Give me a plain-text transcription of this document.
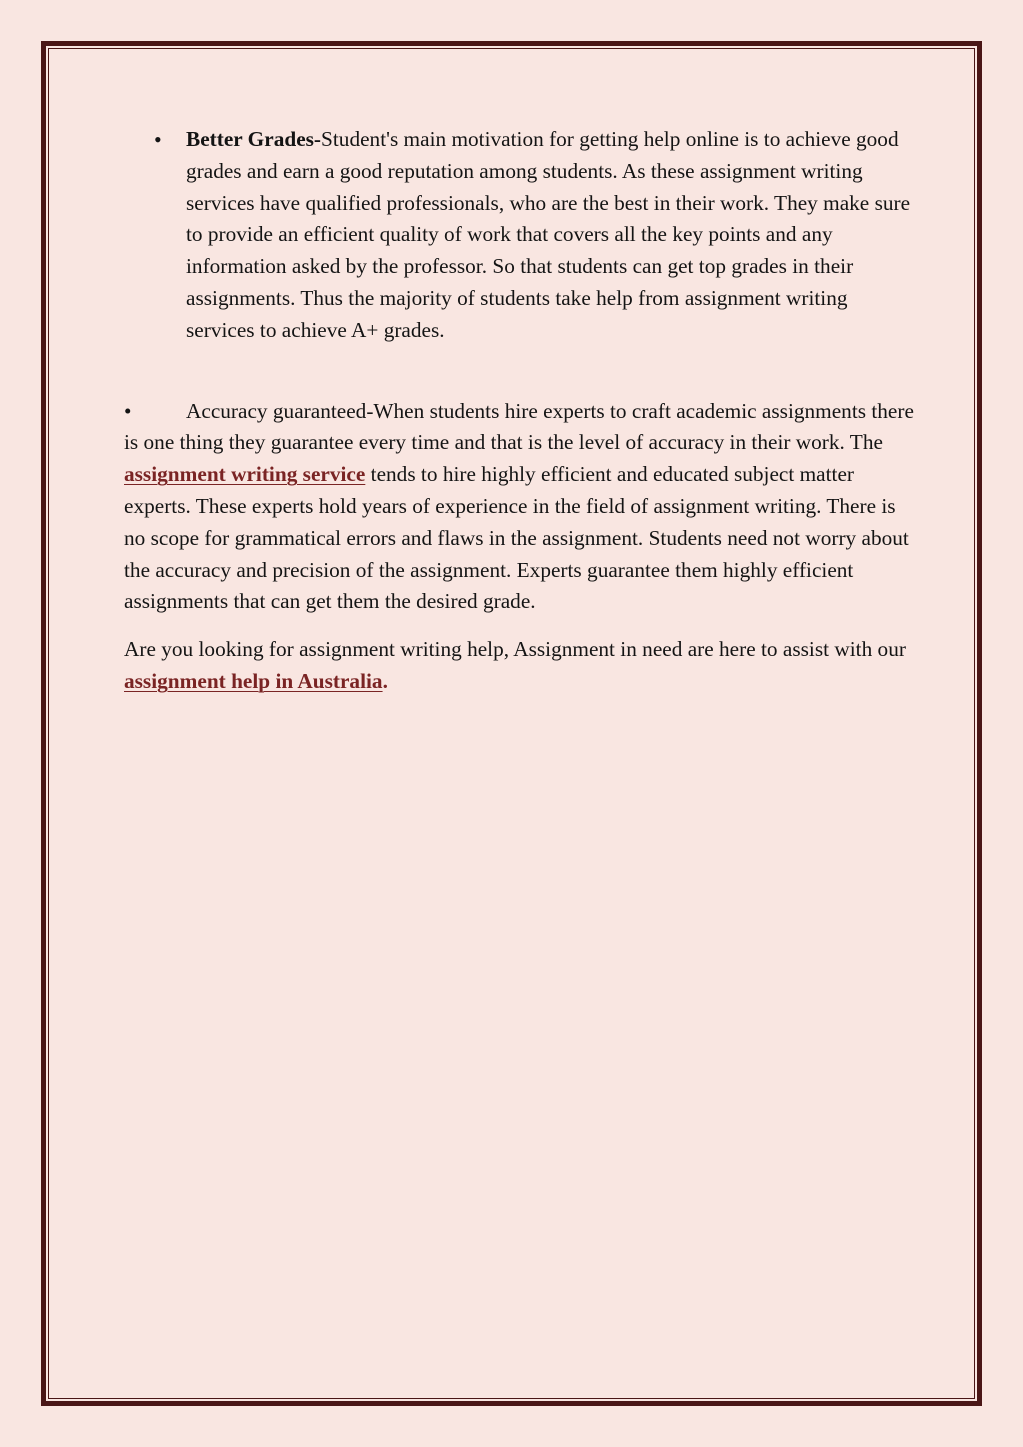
• Better Grades-Student's main motivation for getting help online is to achieve good grades and earn a good reputation among students. As these assignment writing services have qualified professionals, who are the best in their work. They make sure to provide an efficient quality of work that covers all the key points and any information asked by the professor. So that students can get top grades in their assignments. Thus the majority of students take help from assignment writing services to achieve A+ grades.
•	Accuracy guaranteed-When students hire experts to craft academic assignments there is one thing they guarantee every time and that is the level of accuracy in their work. The assignment writing service tends to hire highly efficient and educated subject matter experts. These experts hold years of experience in the field of assignment writing. There is no scope for grammatical errors and flaws in the assignment. Students need not worry about the accuracy and precision of the assignment. Experts guarantee them highly efficient assignments that can get them the desired grade.
Are you looking for assignment writing help, Assignment in need are here to assist with our assignment help in Australia.
